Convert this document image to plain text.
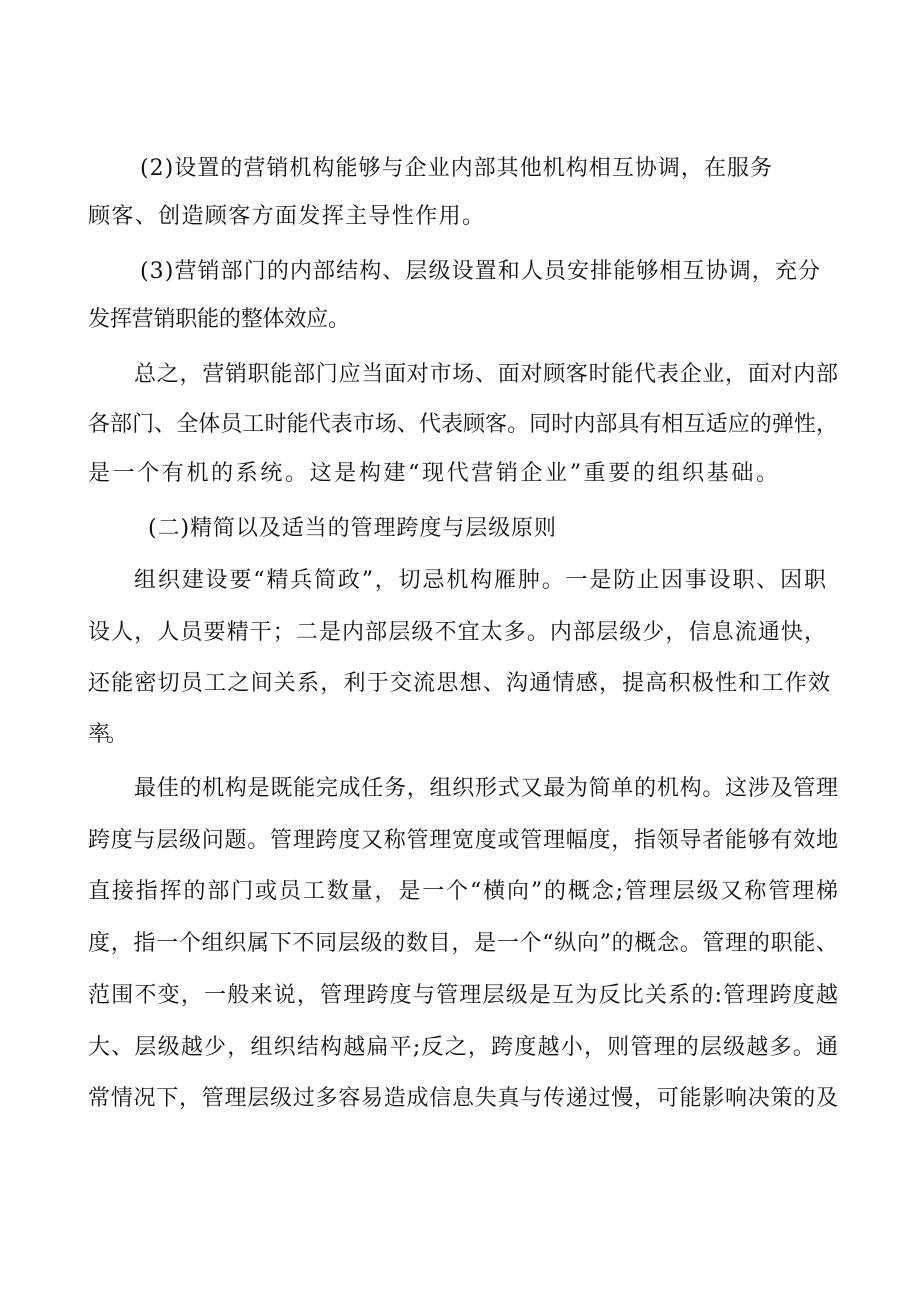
(2)设置的营销机构能够与企业内部其他机构相互协调，在服务
顾客、创造顾客方面发挥主导性作用。
(3)营销部门的内部结构、层级设置和人员安排能够相互协调，充分
发挥营销职能的整体效应。
总之，营销职能部门应当面对市场、面对顾客时能代表企业，面对内部
各部门、全体员工时能代表市场、代表顾客。同时内部具有相互适应的弹性，
是一个有机的系统。这是构建“现代营销企业”重要的组织基础。
(二)精简以及适当的管理跨度与层级原则
组织建设要“精兵简政”，切忌机构雁肿。一是防止因事设职、因职
设人，人员要精干；二是内部层级不宜太多。内部层级少，信息流通快，
还能密切员工之间关系，利于交流思想、沟通情感，提高积极性和工作效
率。
最佳的机构是既能完成任务，组织形式又最为简单的机构。这涉及管理
跨度与层级问题。管理跨度又称管理宽度或管理幅度，指领导者能够有效地
直接指挥的部门或员工数量，是一个“横向”的概念;管理层级又称管理梯
度，指一个组织属下不同层级的数目，是一个“纵向”的概念。管理的职能、
范围不变，一般来说，管理跨度与管理层级是互为反比关系的:管理跨度越
大、层级越少，组织结构越扁平;反之，跨度越小，则管理的层级越多。通
常情况下，管理层级过多容易造成信息失真与传递过慢，可能影响决策的及
